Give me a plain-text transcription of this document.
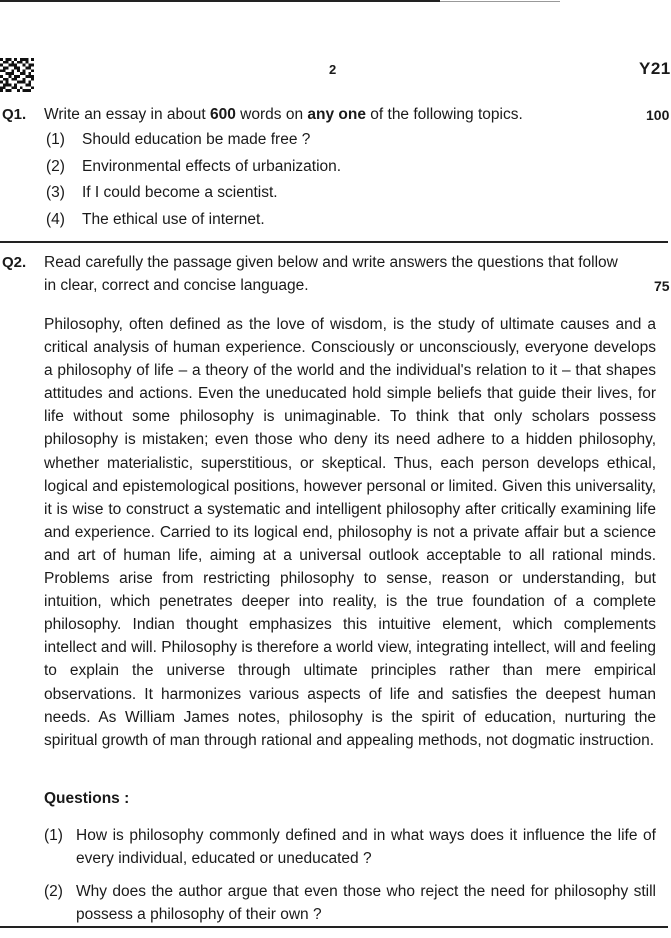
2	Y21
Q1. Write an essay in about 600 words on any one of the following topics.	100
(1) Should education be made free ?
(2) Environmental effects of urbanization.
(3) If I could become a scientist.
(4) The ethical use of internet.
Q2. Read carefully the passage given below and write answers the questions that follow
in clear, correct and concise language.	75

Philosophy, often defined as the love of wisdom, is the study of ultimate causes and a critical analysis of human experience. Consciously or unconsciously, everyone develops a philosophy of life – a theory of the world and the individual's relation to it – that shapes attitudes and actions. Even the uneducated hold simple beliefs that guide their lives, for life without some philosophy is unimaginable. To think that only scholars possess philosophy is mistaken; even those who deny its need adhere to a hidden philosophy, whether materialistic, superstitious, or skeptical. Thus, each person develops ethical, logical and epistemological positions, however personal or limited. Given this universality, it is wise to construct a systematic and intelligent philosophy after critically examining life and experience. Carried to its logical end, philosophy is not a private affair but a science and art of human life, aiming at a universal outlook acceptable to all rational minds. Problems arise from restricting philosophy to sense, reason or understanding, but intuition, which penetrates deeper into reality, is the true foundation of a complete philosophy. Indian thought emphasizes this intuitive element, which complements intellect and will. Philosophy is therefore a world view, integrating intellect, will and feeling to explain the universe through ultimate principles rather than mere empirical observations. It harmonizes various aspects of life and satisfies the deepest human needs. As William James notes, philosophy is the spirit of education, nurturing the spiritual growth of man through rational and appealing methods, not dogmatic instruction.

Questions :
(1) How is philosophy commonly defined and in what ways does it influence the life of every individual, educated or uneducated ?
(2) Why does the author argue that even those who reject the need for philosophy still possess a philosophy of their own ?
